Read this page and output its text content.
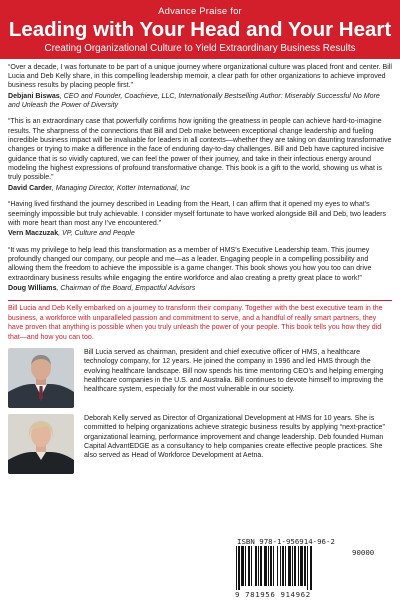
Advance Praise for
Leading with Your Head and Your Heart
Creating Organizational Culture to Yield Extraordinary Business Results
“Over a decade, I was fortunate to be part of a unique journey where organizational culture was placed front and center. Bill Lucia and Deb Kelly share, in this compelling leadership memoir, a clear path for other organizations to achieve improved business results by placing people first.”
Debjani Biswas, CEO and Founder, Coachieve, LLC, Internationally Bestselling Author: Miserably Successful No More and Unleash the Power of Diversity
“This is an extraordinary case that powerfully confirms how igniting the greatness in people can achieve hard-to-imagine results. The sharpness of the connections that Bill and Deb make between exceptional change leadership and fueling incredible business impact will be invaluable for leaders in all contexts—whether they are taking on daunting transformative changes or trying to make a difference in the face of enduring day-to-day challenges. Bill and Deb have captured incisive guidance that is so vividly captured, we can feel the power of their journey, and take in their infectious energy around modeling the highest expressions of profound transformative change. This book is a gift to the world, showing us what is truly possible.”
David Carder, Managing Director, Kotter International, Inc
“Having lived firsthand the journey described in Leading from the Heart, I can affirm that it opened my eyes to what’s seemingly impossible but truly achievable. I consider myself fortunate to have worked alongside Bill and Deb, two leaders with more heart than most any I’ve encountered.”
Vern Maczuzak, VP, Culture and People
“It was my privilege to help lead this transformation as a member of HMS’s Executive Leadership team. This journey profoundly changed our company, our people and me—as a leader. Engaging people in a compelling possibility and allowing them the freedom to achieve the impossible is a game changer. This book shows you how you too can drive extraordinary business results while engaging the entire workforce and alao creating a pretty great place to work!”
Doug Williams, Chairman of the Board, Empactful Advisors
Bill Lucia and Deb Kelly embarked on a journey to transform their company. Together with the best executive team in the business, a workforce with unparalleled passion and commitment to serve, and a handful of really smart partners, they have proven that anything is possible when you truly unleash the power of your people. This book tells you how they did that—and how you can too.
Bill Lucia served as chairman, president and chief executive officer of HMS, a healthcare technology company, for 12 years. He joined the company in 1996 and led HMS through the evolving healthcare landscape. Bill now spends his time mentoring CEO’s and helping emerging healthcare companies in the U.S. and Australia. Bill continues to devote himself to improving the healthcare system, especially for the most vulnerable in our society.
Deborah Kelly served as Director of Organizational Development at HMS for 10 years. She is committed to helping organizations achieve strategic business results by applying “next-practice” organizational learning, performance improvement and change leadership. Deb founded Human Capital AdvantEDGE as a consultancy to help companies create effective people practices. She also served as Head of Workforce Development at Aetna.
ISBN 978-1-956914-96-2
90000
9 781956 914962
